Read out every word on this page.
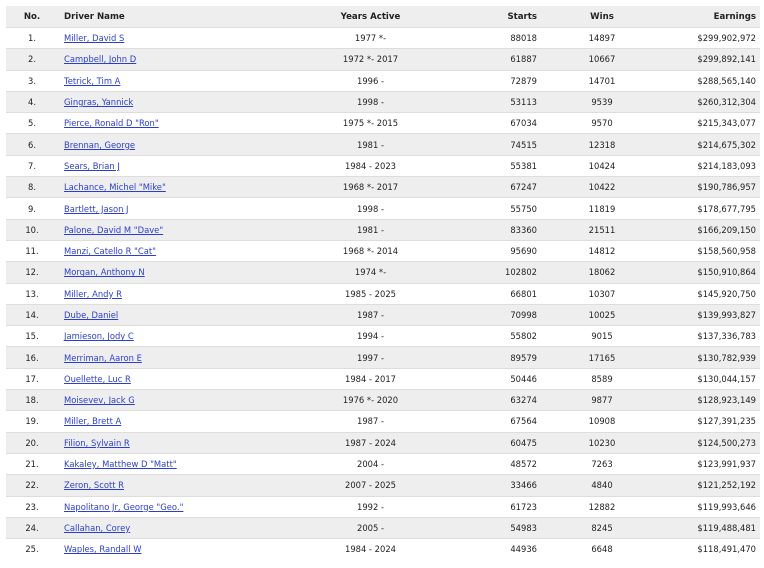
No.	Driver Name	Years Active	Starts	Wins	Earnings
1.	Miller, David S	1977 *-	88018	14897	$299,902,972
2.	Campbell, John D	1972 *- 2017	61887	10667	$299,892,141
3.	Tetrick, Tim A	1996 -	72879	14701	$288,565,140
4.	Gingras, Yannick	1998 -	53113	9539	$260,312,304
5.	Pierce, Ronald D "Ron"	1975 *- 2015	67034	9570	$215,343,077
6.	Brennan, George	1981 -	74515	12318	$214,675,302
7.	Sears, Brian J	1984 - 2023	55381	10424	$214,183,093
8.	Lachance, Michel "Mike"	1968 *- 2017	67247	10422	$190,786,957
9.	Bartlett, Jason J	1998 -	55750	11819	$178,677,795
10.	Palone, David M "Dave"	1981 -	83360	21511	$166,209,150
11.	Manzi, Catello R "Cat"	1968 *- 2014	95690	14812	$158,560,958
12.	Morgan, Anthony N	1974 *-	102802	18062	$150,910,864
13.	Miller, Andy R	1985 - 2025	66801	10307	$145,920,750
14.	Dube, Daniel	1987 -	70998	10025	$139,993,827
15.	Jamieson, Jody C	1994 -	55802	9015	$137,336,783
16.	Merriman, Aaron E	1997 -	89579	17165	$130,782,939
17.	Ouellette, Luc R	1984 - 2017	50446	8589	$130,044,157
18.	Moisevev, Jack G	1976 *- 2020	63274	9877	$128,923,149
19.	Miller, Brett A	1987 -	67564	10908	$127,391,235
20.	Filion, Sylvain R	1987 - 2024	60475	10230	$124,500,273
21.	Kakaley, Matthew D "Matt"	2004 -	48572	7263	$123,991,937
22.	Zeron, Scott R	2007 - 2025	33466	4840	$121,252,192
23.	Napolitano Jr, George "Geo."	1992 -	61723	12882	$119,993,646
24.	Callahan, Corey	2005 -	54983	8245	$119,488,481
25.	Waples, Randall W	1984 - 2024	44936	6648	$118,491,470
